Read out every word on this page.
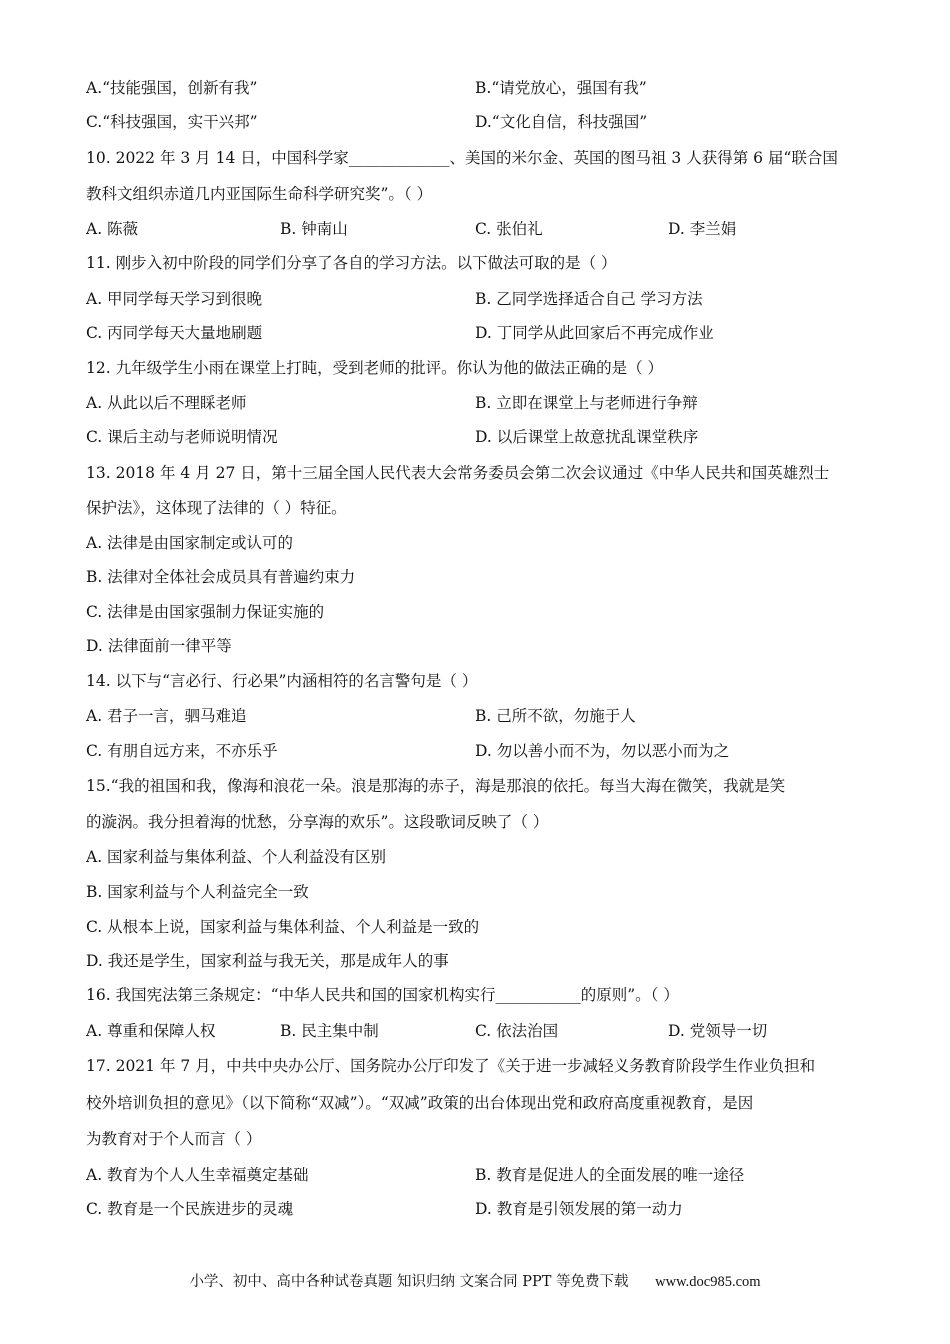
A.“技能强国，创新有我”	B.“请党放心，强国有我”
C.“科技强国，实干兴邦”	D.“文化自信，科技强国”
10. 2022 年 3 月 14 日，中国科学家_____________、美国的米尔金、英国的图马祖 3 人获得第 6 届“联合国
教科文组织赤道几内亚国际生命科学研究奖”。（ ）
A. 陈薇	B. 钟南山	C. 张伯礼	D. 李兰娟
11. 刚步入初中阶段的同学们分享了各自的学习方法。以下做法可取的是（ ）
A. 甲同学每天学习到很晚	B. 乙同学选择适合自己 学习方法
C. 丙同学每天大量地刷题	D. 丁同学从此回家后不再完成作业
12. 九年级学生小雨在课堂上打盹，受到老师的批评。你认为他的做法正确的是（ ）
A. 从此以后不理睬老师	B. 立即在课堂上与老师进行争辩
C. 课后主动与老师说明情况	D. 以后课堂上故意扰乱课堂秩序
13. 2018 年 4 月 27 日，第十三届全国人民代表大会常务委员会第二次会议通过《中华人民共和国英雄烈士
保护法》，这体现了法律的（ ）特征。
A. 法律是由国家制定或认可的
B. 法律对全体社会成员具有普遍约束力
C. 法律是由国家强制力保证实施的
D. 法律面前一律平等
14. 以下与“言必行、行必果”内涵相符的名言警句是（ ）
A. 君子一言，驷马难追	B. 己所不欲，勿施于人
C. 有朋自远方来，不亦乐乎	D. 勿以善小而不为，勿以恶小而为之
15.“我的祖国和我，像海和浪花一朵。浪是那海的赤子，海是那浪的依托。每当大海在微笑，我就是笑
的漩涡。我分担着海的忧愁，分享海的欢乐”。这段歌词反映了（ ）
A. 国家利益与集体利益、个人利益没有区别
B. 国家利益与个人利益完全一致
C. 从根本上说，国家利益与集体利益、个人利益是一致的
D. 我还是学生，国家利益与我无关，那是成年人的事
16. 我国宪法第三条规定：“中华人民共和国的国家机构实行___________的原则”。（ ）
A. 尊重和保障人权	B. 民主集中制	C. 依法治国	D. 党领导一切
17. 2021 年 7 月，中共中央办公厅、国务院办公厅印发了《关于进一步减轻义务教育阶段学生作业负担和
校外培训负担的意见》（以下简称“双减”）。“双减”政策的出台体现出党和政府高度重视教育，是因
为教育对于个人而言（ ）
A. 教育为个人人生幸福奠定基础	B. 教育是促进人的全面发展的唯一途径
C. 教育是一个民族进步的灵魂	D. 教育是引领发展的第一动力
小学、初中、高中各种试卷真题 知识归纳 文案合同 PPT 等免费下载 www.doc985.com
